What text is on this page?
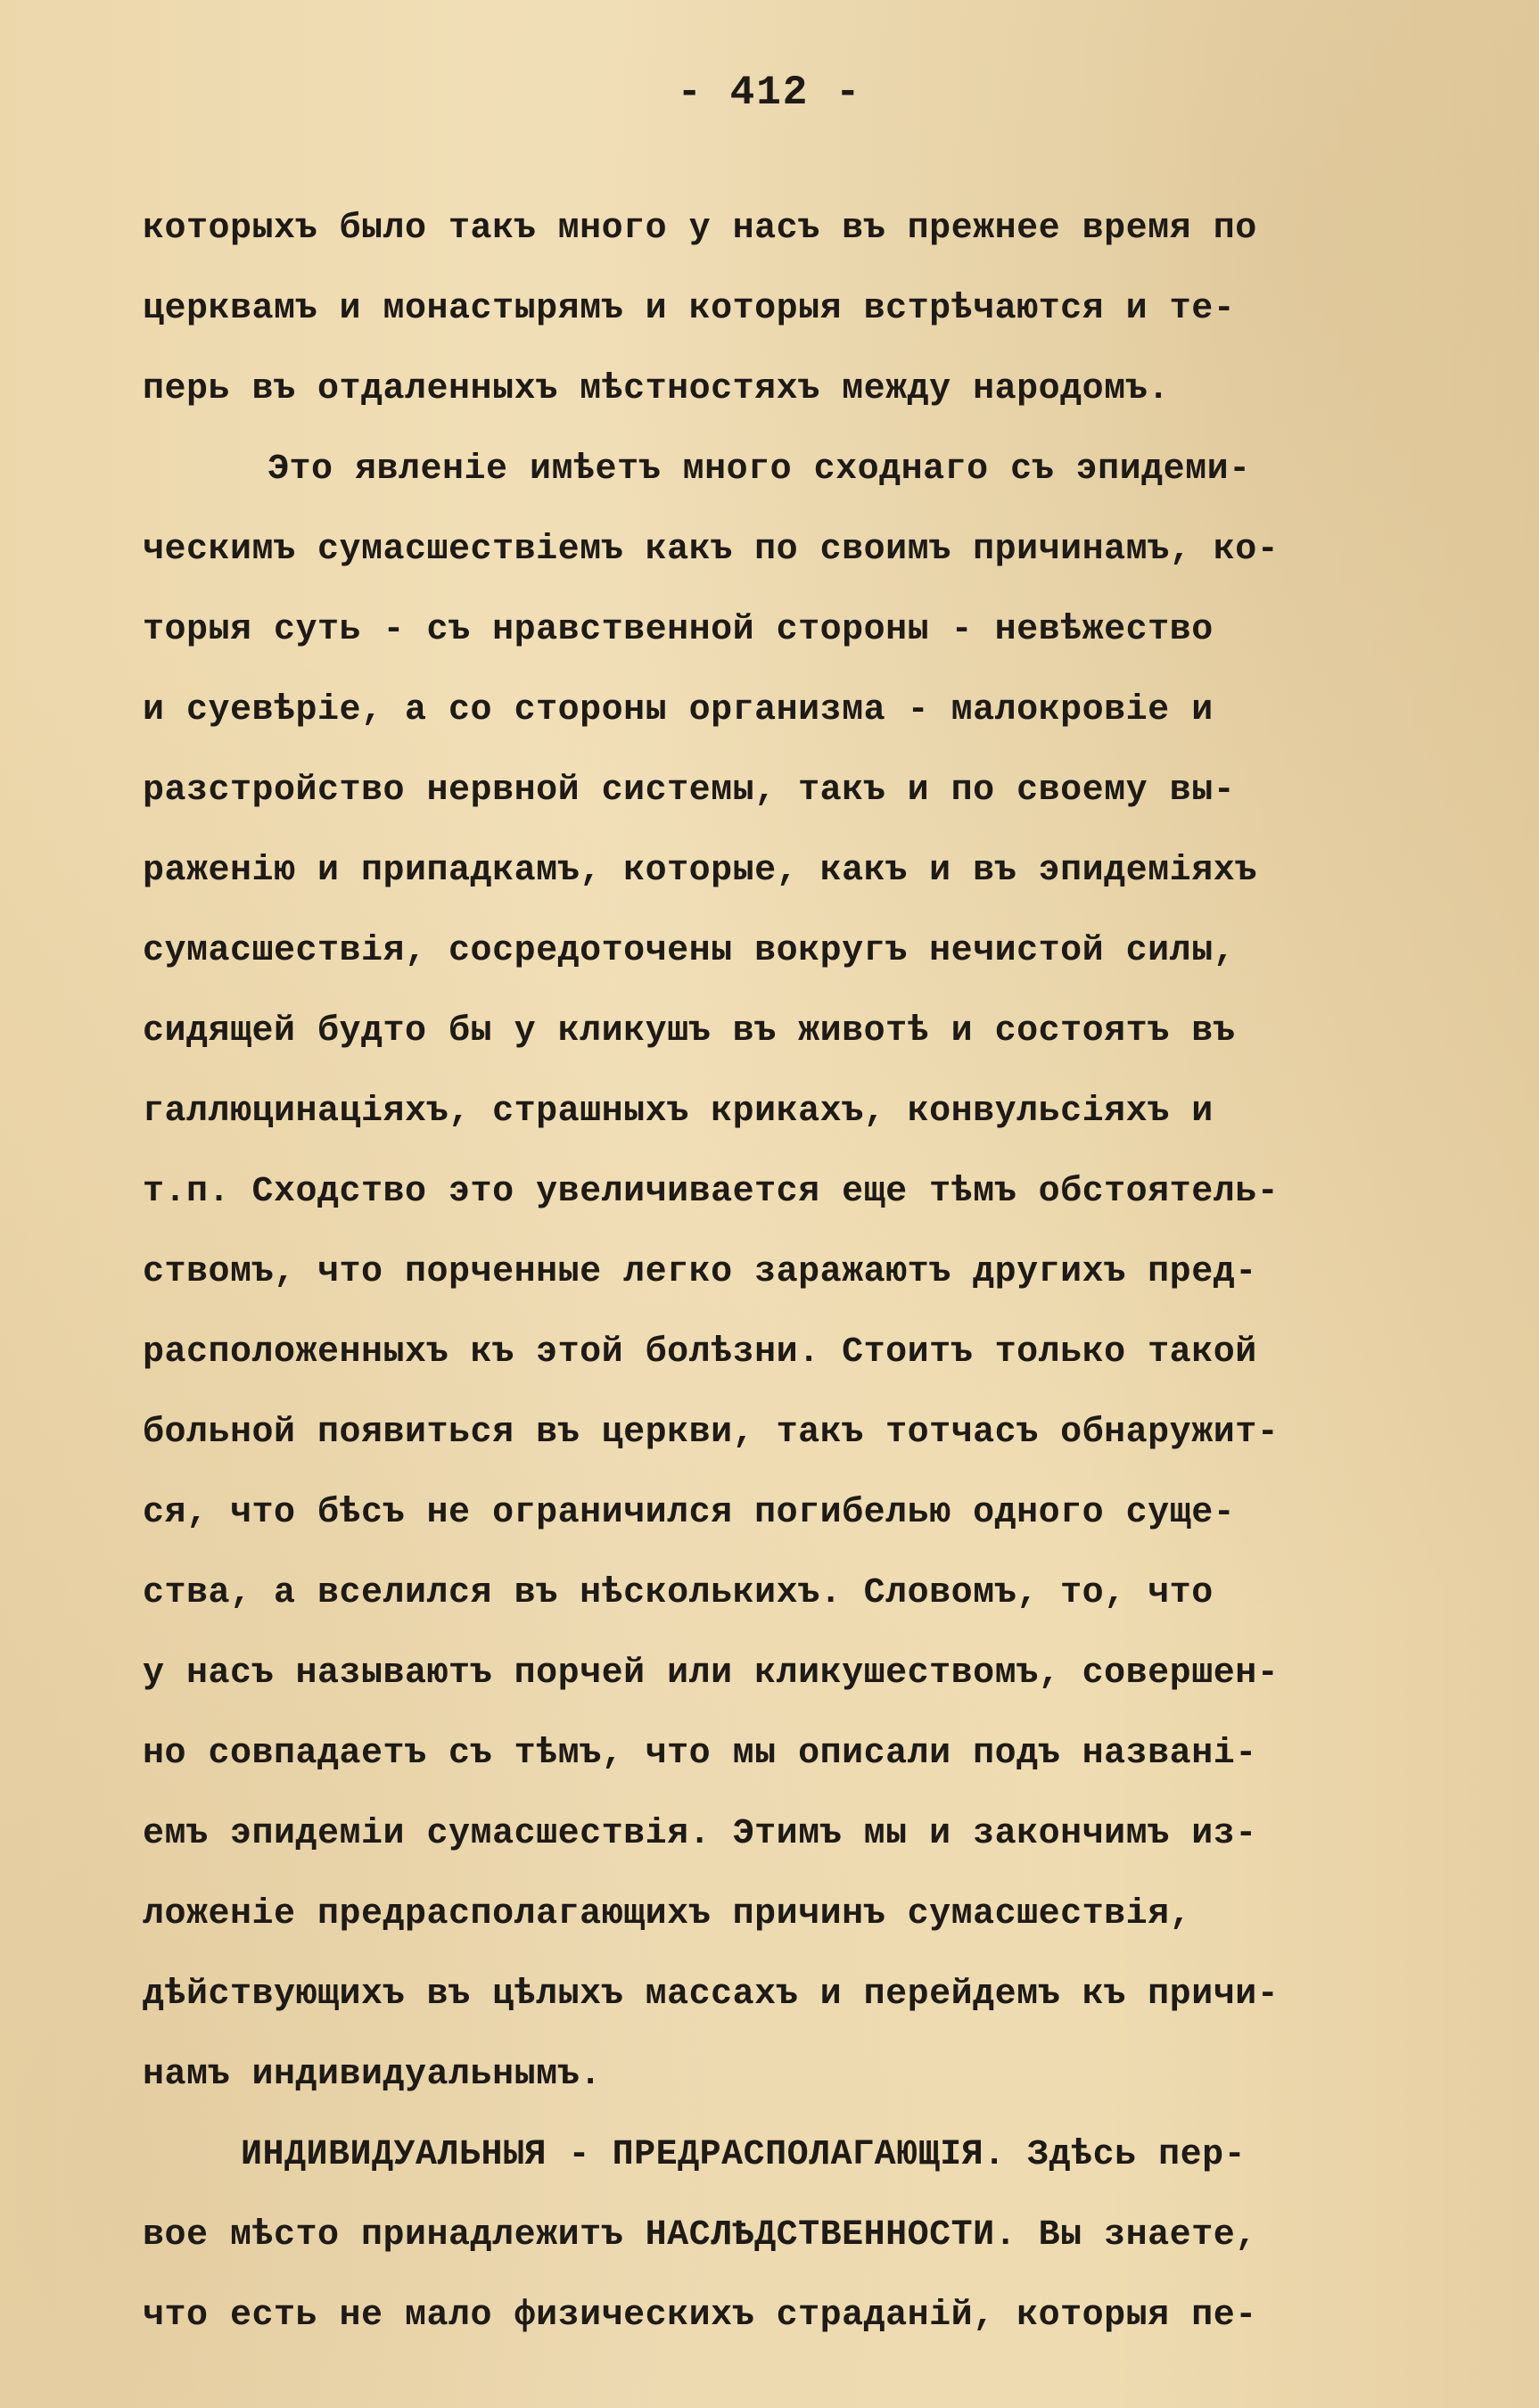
- 412 -
которыхъ было такъ много у насъ въ прежнее время по
церквамъ и монастырямъ и которыя встрѣчаются и те-
перь въ отдаленныхъ мѣстностяхъ между народомъ.
Это явленіе имѣетъ много сходнаго съ эпидеми-
ческимъ сумасшествіемъ какъ по своимъ причинамъ, ко-
торыя суть - съ нравственной стороны - невѣжество
и суевѣріе, а со стороны организма - малокровіе и
разстройство нервной системы, такъ и по своему вы-
раженію и припадкамъ, которые, какъ и въ эпидеміяхъ
сумасшествія, сосредоточены вокругъ нечистой силы,
сидящей будто бы у кликушъ въ животѣ и состоятъ въ
галлюцинаціяхъ, страшныхъ крикахъ, конвульсіяхъ и
т.п. Сходство это увеличивается еще тѣмъ обстоятель-
ствомъ, что порченные легко заражаютъ другихъ пред-
расположенныхъ къ этой болѣзни. Стоитъ только такой
больной появиться въ церкви, такъ тотчасъ обнаружит-
ся, что бѣсъ не ограничился погибелью одного суще-
ства, а вселился въ нѣсколькихъ. Словомъ, то, что
у насъ называютъ порчей или кликушествомъ, совершен-
но совпадаетъ съ тѣмъ, что мы описали подъ названі-
емъ эпидеміи сумасшествія. Этимъ мы и закончимъ из-
ложеніе предрасполагающихъ причинъ сумасшествія,
дѣйствующихъ въ цѣлыхъ массахъ и перейдемъ къ причи-
намъ индивидуальнымъ.
ИНДИВИДУАЛЬНЫЯ - ПРЕДРАСПОЛАГАЮЩІЯ. Здѣсь пер-
вое мѣсто принадлежитъ НАСЛѢДСТВЕННОСТИ. Вы знаете,
что есть не мало физическихъ страданій, которыя пе-
